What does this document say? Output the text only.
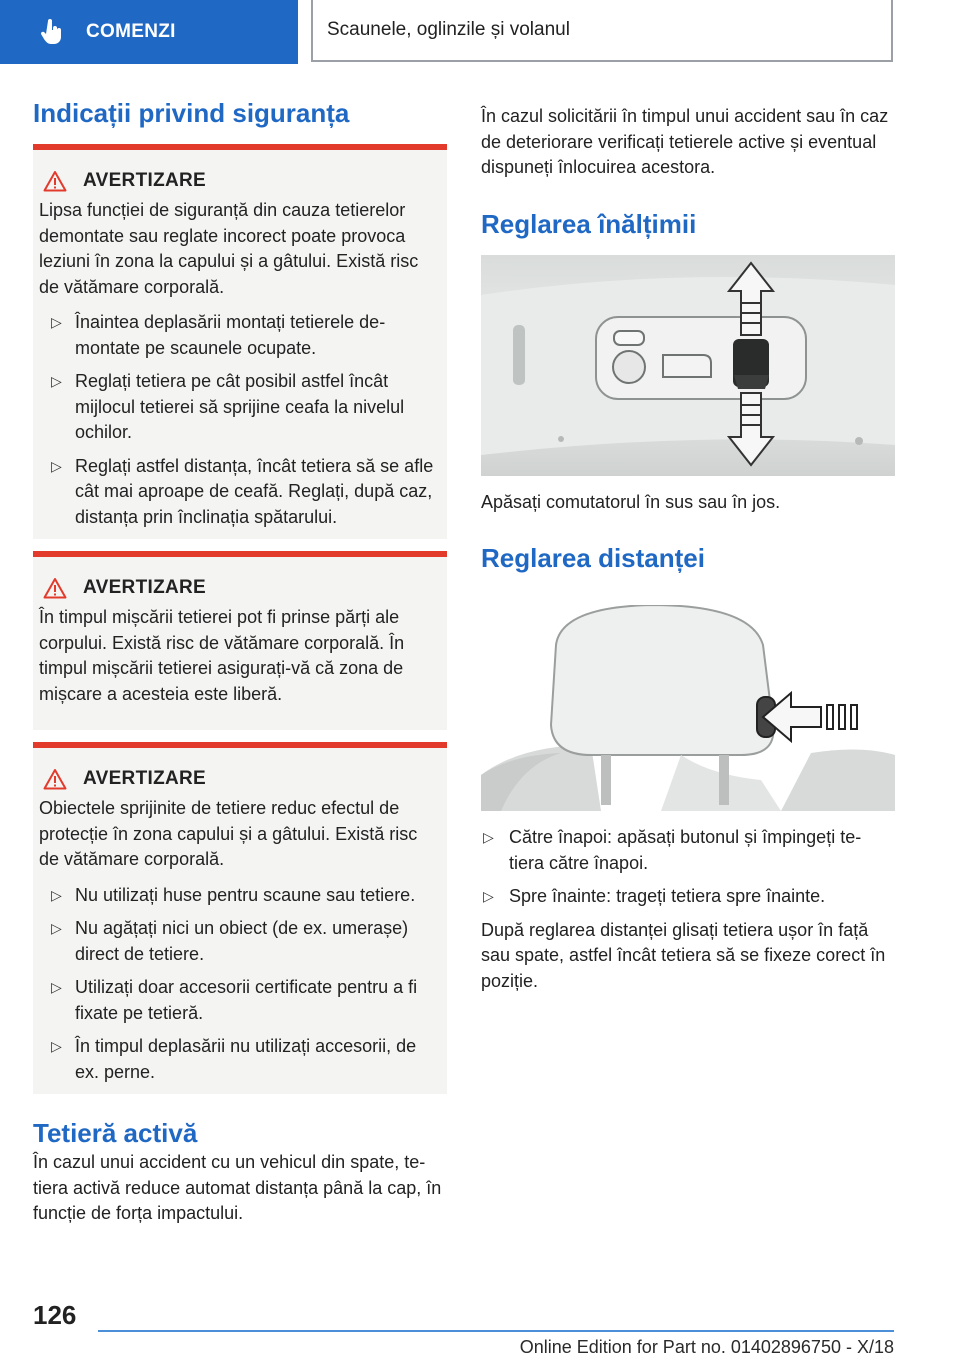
COMENZI	Scaunele, oglinzile și volanul
Indicații privind siguranța
AVERTIZARE

Lipsa funcției de siguranță din cauza tetierelor demontate sau reglate incorect poate provoca leziuni în zona la capului și a gâtului. Există risc de vătămare corporală.

▷ Înaintea deplasării montați tetierele de-montate pe scaunele ocupate.
▷ Reglați tetiera pe cât posibil astfel încât mijlocul tetierei să sprijine ceafa la nivelul ochilor.
▷ Reglați astfel distanța, încât tetiera să se afle cât mai aproape de ceafă. Reglați, după caz, distanța prin înclinația spătarului.
AVERTIZARE

În timpul mișcării tetierei pot fi prinse părți ale corpului. Există risc de vătămare corporală. În timpul mișcării tetierei asigurați-vă că zona de mișcare a acesteia este liberă.

AVERTIZARE

Obiectele sprijinite de tetiere reduc efectul de protecție în zona capului și a gâtului. Există risc de vătămare corporală.

▷ Nu utilizați huse pentru scaune sau tetiere.
▷ Nu agățați nici un obiect (de ex. umerașe) direct de tetiere.
▷ Utilizați doar accesorii certificate pentru a fi fixate pe tetieră.
▷ În timpul deplasării nu utilizați accesorii, de ex. perne.
Tetieră activă

În cazul unui accident cu un vehicul din spate, te-tiera activă reduce automat distanța până la cap, în funcție de forța impactului.

În cazul solicitării în timpul unui accident sau în caz de deteriorare verificați tetierele active și eventual dispuneți înlocuirea acestora.

Reglarea înălțimii

Apăsați comutatorul în sus sau în jos.

Reglarea distanței
▷ Către înapoi: apăsați butonul și împingeți te-tiera către înapoi.
▷ Spre înainte: trageți tetiera spre înainte.

După reglarea distanței glisați tetiera ușor în față sau spate, astfel încât tetiera să se fixeze corect în poziție.

126
Online Edition for Part no. 01402896750 - X/18
